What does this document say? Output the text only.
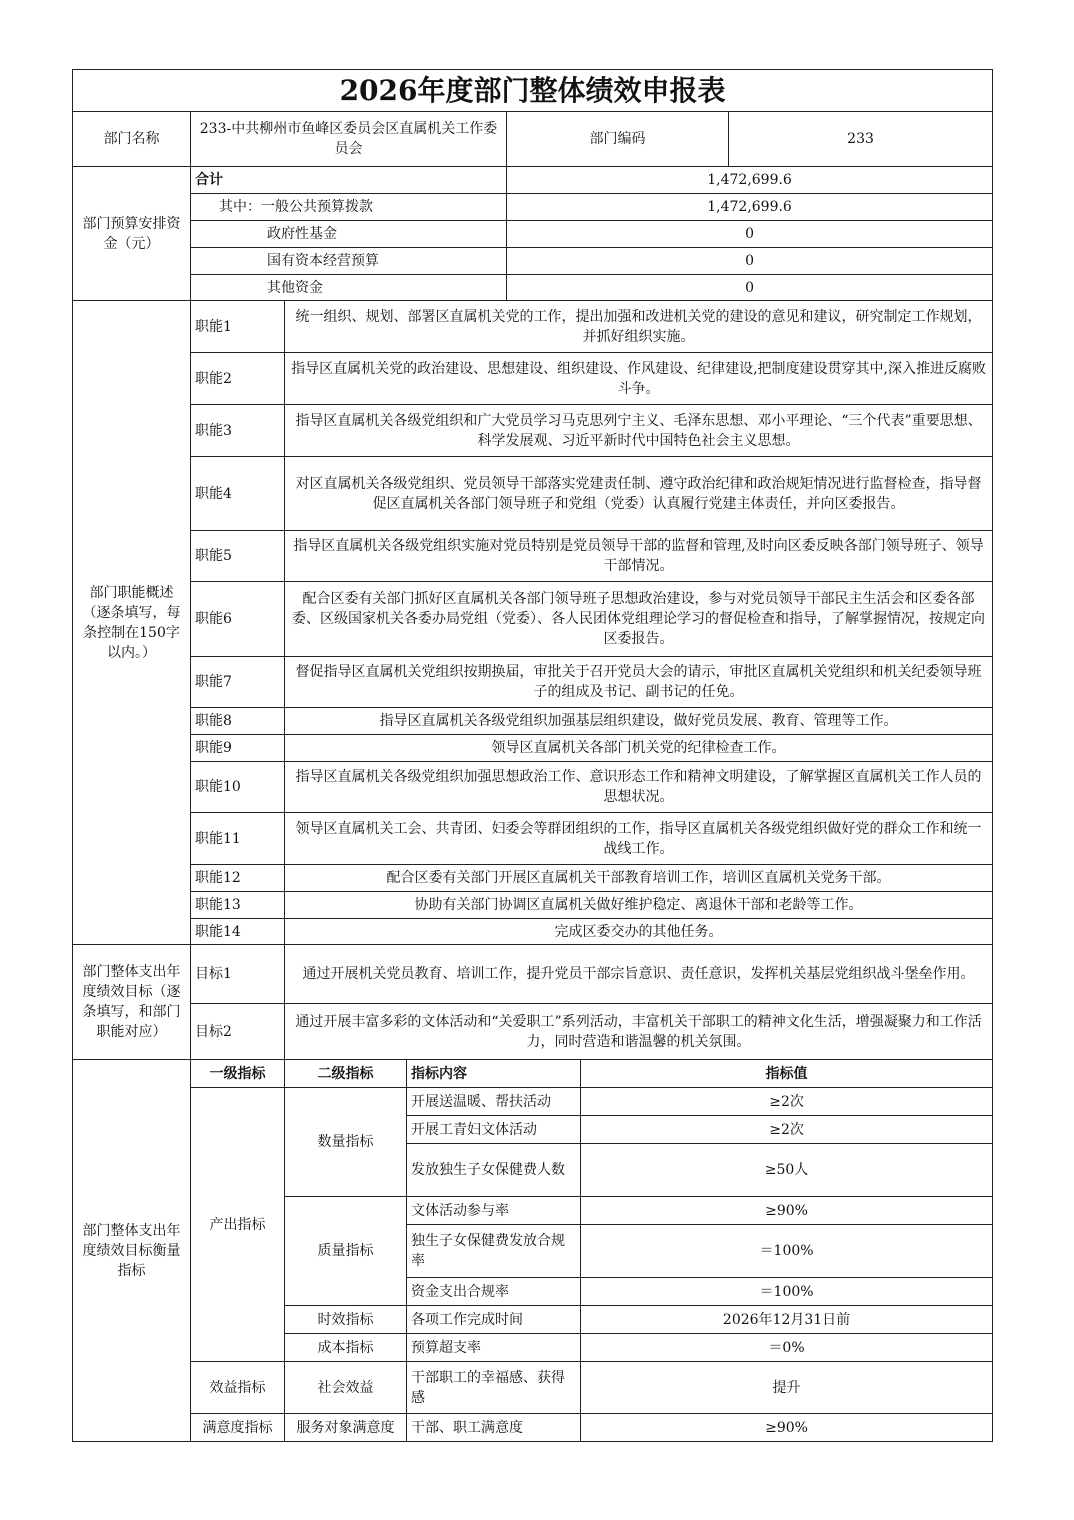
2026年度部门整体绩效申报表						
部门名称	233-中共柳州市鱼峰区委员会区直属机关工作委员会			部门编码		233
部门预算安排资金（元）	合计			1,472,699.6		
	其中：一般公共预算拨款			1,472,699.6		
	政府性基金			0		
	国有资本经营预算			0		
	其他资金			0		
部门职能概述（逐条填写，每条控制在150字以内。）	职能1	统一组织、规划、部署区直属机关党的工作，提出加强和改进机关党的建设的意见和建议，研究制定工作规划，并抓好组织实施。				
	职能2	指导区直属机关党的政治建设、思想建设、组织建设、作风建设、纪律建设,把制度建设贯穿其中,深入推进反腐败斗争。				
	职能3	指导区直属机关各级党组织和广大党员学习马克思列宁主义、毛泽东思想、邓小平理论、“三个代表”重要思想、科学发展观、习近平新时代中国特色社会主义思想。				
	职能4	对区直属机关各级党组织、党员领导干部落实党建责任制、遵守政治纪律和政治规矩情况进行监督检查，指导督促区直属机关各部门领导班子和党组（党委）认真履行党建主体责任，并向区委报告。				
	职能5	指导区直属机关各级党组织实施对党员特别是党员领导干部的监督和管理,及时向区委反映各部门领导班子、领导干部情况。				
	职能6	配合区委有关部门抓好区直属机关各部门领导班子思想政治建设，参与对党员领导干部民主生活会和区委各部委、区级国家机关各委办局党组（党委）、各人民团体党组理论学习的督促检查和指导，了解掌握情况，按规定向区委报告。				
	职能7	督促指导区直属机关党组织按期换届，审批关于召开党员大会的请示，审批区直属机关党组织和机关纪委领导班子的组成及书记、副书记的任免。				
	职能8	指导区直属机关各级党组织加强基层组织建设，做好党员发展、教育、管理等工作。				
	职能9	领导区直属机关各部门机关党的纪律检查工作。				
	职能10	指导区直属机关各级党组织加强思想政治工作、意识形态工作和精神文明建设，了解掌握区直属机关工作人员的思想状况。				
	职能11	领导区直属机关工会、共青团、妇委会等群团组织的工作，指导区直属机关各级党组织做好党的群众工作和统一战线工作。				
	职能12	配合区委有关部门开展区直属机关干部教育培训工作，培训区直属机关党务干部。				
	职能13	协助有关部门协调区直属机关做好维护稳定、离退休干部和老龄等工作。				
	职能14	完成区委交办的其他任务。				
部门整体支出年度绩效目标（逐条填写，和部门职能对应）	目标1	通过开展机关党员教育、培训工作，提升党员干部宗旨意识、责任意识，发挥机关基层党组织战斗堡垒作用。				
	目标2	通过开展丰富多彩的文体活动和“关爱职工”系列活动，丰富机关干部职工的精神文化生活，增强凝聚力和工作活力，同时营造和谐温馨的机关氛围。				
部门整体支出年度绩效目标衡量指标	一级指标	二级指标	指标内容		指标值	
	产出指标	数量指标	开展送温暖、帮扶活动		≥2次	
			开展工青妇文体活动		≥2次	
			发放独生子女保健费人数		≥50人	
		质量指标	文体活动参与率		≥90%	
			独生子女保健费发放合规率		＝100%	
			资金支出合规率		＝100%	
		时效指标	各项工作完成时间		2026年12月31日前	
		成本指标	预算超支率		＝0%	
	效益指标	社会效益	干部职工的幸福感、获得感		提升	
	满意度指标	服务对象满意度	干部、职工满意度		≥90%	
